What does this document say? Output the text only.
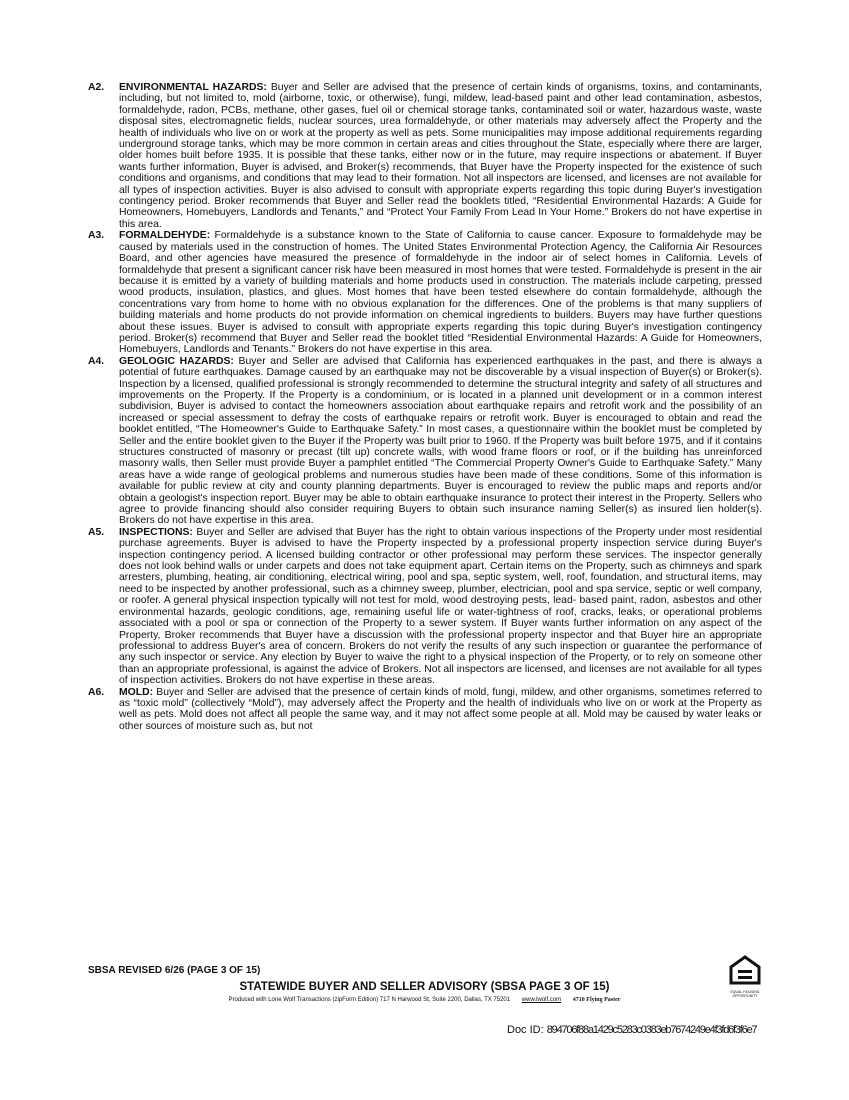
A2.	ENVIRONMENTAL HAZARDS: Buyer and Seller are advised that the presence of certain kinds of organisms, toxins, and contaminants, including, but not limited to, mold (airborne, toxic, or otherwise), fungi, mildew, lead-based paint and other lead contamination, asbestos, formaldehyde, radon, PCBs, methane, other gases, fuel oil or chemical storage tanks, contaminated soil or water, hazardous waste, waste disposal sites, electromagnetic fields, nuclear sources, urea formaldehyde, or other materials may adversely affect the Property and the health of individuals who live on or work at the property as well as pets. Some municipalities may impose additional requirements regarding underground storage tanks, which may be more common in certain areas and cities throughout the State, especially where there are larger, older homes built before 1935. It is possible that these tanks, either now or in the future, may require inspections or abatement. If Buyer wants further information, Buyer is advised, and Broker(s) recommends, that Buyer have the Property inspected for the existence of such conditions and organisms, and conditions that may lead to their formation. Not all inspectors are licensed, and licenses are not available for all types of inspection activities. Buyer is also advised to consult with appropriate experts regarding this topic during Buyer's investigation contingency period. Broker recommends that Buyer and Seller read the booklets titled, “Residential Environmental Hazards: A Guide for Homeowners, Homebuyers, Landlords and Tenants,” and “Protect Your Family From Lead In Your Home.” Brokers do not have expertise in this area.
A3.	FORMALDEHYDE: Formaldehyde is a substance known to the State of California to cause cancer. Exposure to formaldehyde may be caused by materials used in the construction of homes. The United States Environmental Protection Agency, the California Air Resources Board, and other agencies have measured the presence of formaldehyde in the indoor air of select homes in California. Levels of formaldehyde that present a significant cancer risk have been measured in most homes that were tested. Formaldehyde is present in the air because it is emitted by a variety of building materials and home products used in construction. The materials include carpeting, pressed wood products, insulation, plastics, and glues. Most homes that have been tested elsewhere do contain formaldehyde, although the concentrations vary from home to home with no obvious explanation for the differences. One of the problems is that many suppliers of building materials and home products do not provide information on chemical ingredients to builders. Buyers may have further questions about these issues. Buyer is advised to consult with appropriate experts regarding this topic during Buyer's investigation contingency period. Broker(s) recommend that Buyer and Seller read the booklet titled “Residential Environmental Hazards: A Guide for Homeowners, Homebuyers, Landlords and Tenants.” Brokers do not have expertise in this area.
A4.	GEOLOGIC HAZARDS: Buyer and Seller are advised that California has experienced earthquakes in the past, and there is always a potential of future earthquakes. Damage caused by an earthquake may not be discoverable by a visual inspection of Buyer(s) or Broker(s). Inspection by a licensed, qualified professional is strongly recommended to determine the structural integrity and safety of all structures and improvements on the Property. If the Property is a condominium, or is located in a planned unit development or in a common interest subdivision, Buyer is advised to contact the homeowners association about earthquake repairs and retrofit work and the possibility of an increased or special assessment to defray the costs of earthquake repairs or retrofit work. Buyer is encouraged to obtain and read the booklet entitled, “The Homeowner's Guide to Earthquake Safety.” In most cases, a questionnaire within the booklet must be completed by Seller and the entire booklet given to the Buyer if the Property was built prior to 1960. If the Property was built before 1975, and if it contains structures constructed of masonry or precast (tilt up) concrete walls, with wood frame floors or roof, or if the building has unreinforced masonry walls, then Seller must provide Buyer a pamphlet entitled “The Commercial Property Owner's Guide to Earthquake Safety.” Many areas have a wide range of geological problems and numerous studies have been made of these conditions. Some of this information is available for public review at city and county planning departments. Buyer is encouraged to review the public maps and reports and/or obtain a geologist's inspection report. Buyer may be able to obtain earthquake insurance to protect their interest in the Property. Sellers who agree to provide financing should also consider requiring Buyers to obtain such insurance naming Seller(s) as insured lien holder(s). Brokers do not have expertise in this area.
A5.	INSPECTIONS: Buyer and Seller are advised that Buyer has the right to obtain various inspections of the Property under most residential purchase agreements. Buyer is advised to have the Property inspected by a professional property inspection service during Buyer's inspection contingency period. A licensed building contractor or other professional may perform these services. The inspector generally does not look behind walls or under carpets and does not take equipment apart. Certain items on the Property, such as chimneys and spark arresters, plumbing, heating, air conditioning, electrical wiring, pool and spa, septic system, well, roof, foundation, and structural items, may need to be inspected by another professional, such as a chimney sweep, plumber, electrician, pool and spa service, septic or well company, or roofer. A general physical inspection typically will not test for mold, wood destroying pests, lead- based paint, radon, asbestos and other environmental hazards, geologic conditions, age, remaining useful life or water-tightness of roof, cracks, leaks, or operational problems associated with a pool or spa or connection of the Property to a sewer system. If Buyer wants further information on any aspect of the Property, Broker recommends that Buyer have a discussion with the professional property inspector and that Buyer hire an appropriate professional to address Buyer's area of concern. Brokers do not verify the results of any such inspection or guarantee the performance of any such inspector or service. Any election by Buyer to waive the right to a physical inspection of the Property, or to rely on someone other than an appropriate professional, is against the advice of Brokers. Not all inspectors are licensed, and licenses are not available for all types of inspection activities. Brokers do not have expertise in these areas.
A6.	MOLD: Buyer and Seller are advised that the presence of certain kinds of mold, fungi, mildew, and other organisms, sometimes referred to as “toxic mold” (collectively “Mold”), may adversely affect the Property and the health of individuals who live on or work at the Property as well as pets. Mold does not affect all people the same way, and it may not affect some people at all. Mold may be caused by water leaks or other sources of moisture such as, but not
SBSA REVISED 6/26 (PAGE 3 OF 15)
EQUAL HOUSING OPPORTUNITY
STATEWIDE BUYER AND SELLER ADVISORY (SBSA PAGE 3 OF 15)
Produced with Lone Wolf Transactions (zipForm Edition) 717 N Harwood St, Suite 2200, Dallas, TX 75201 www.lwolf.com 4710 Flying Paster
Doc ID: 894706f88a1429c5283c0383eb7674249e4f3fd6f3f6e7
